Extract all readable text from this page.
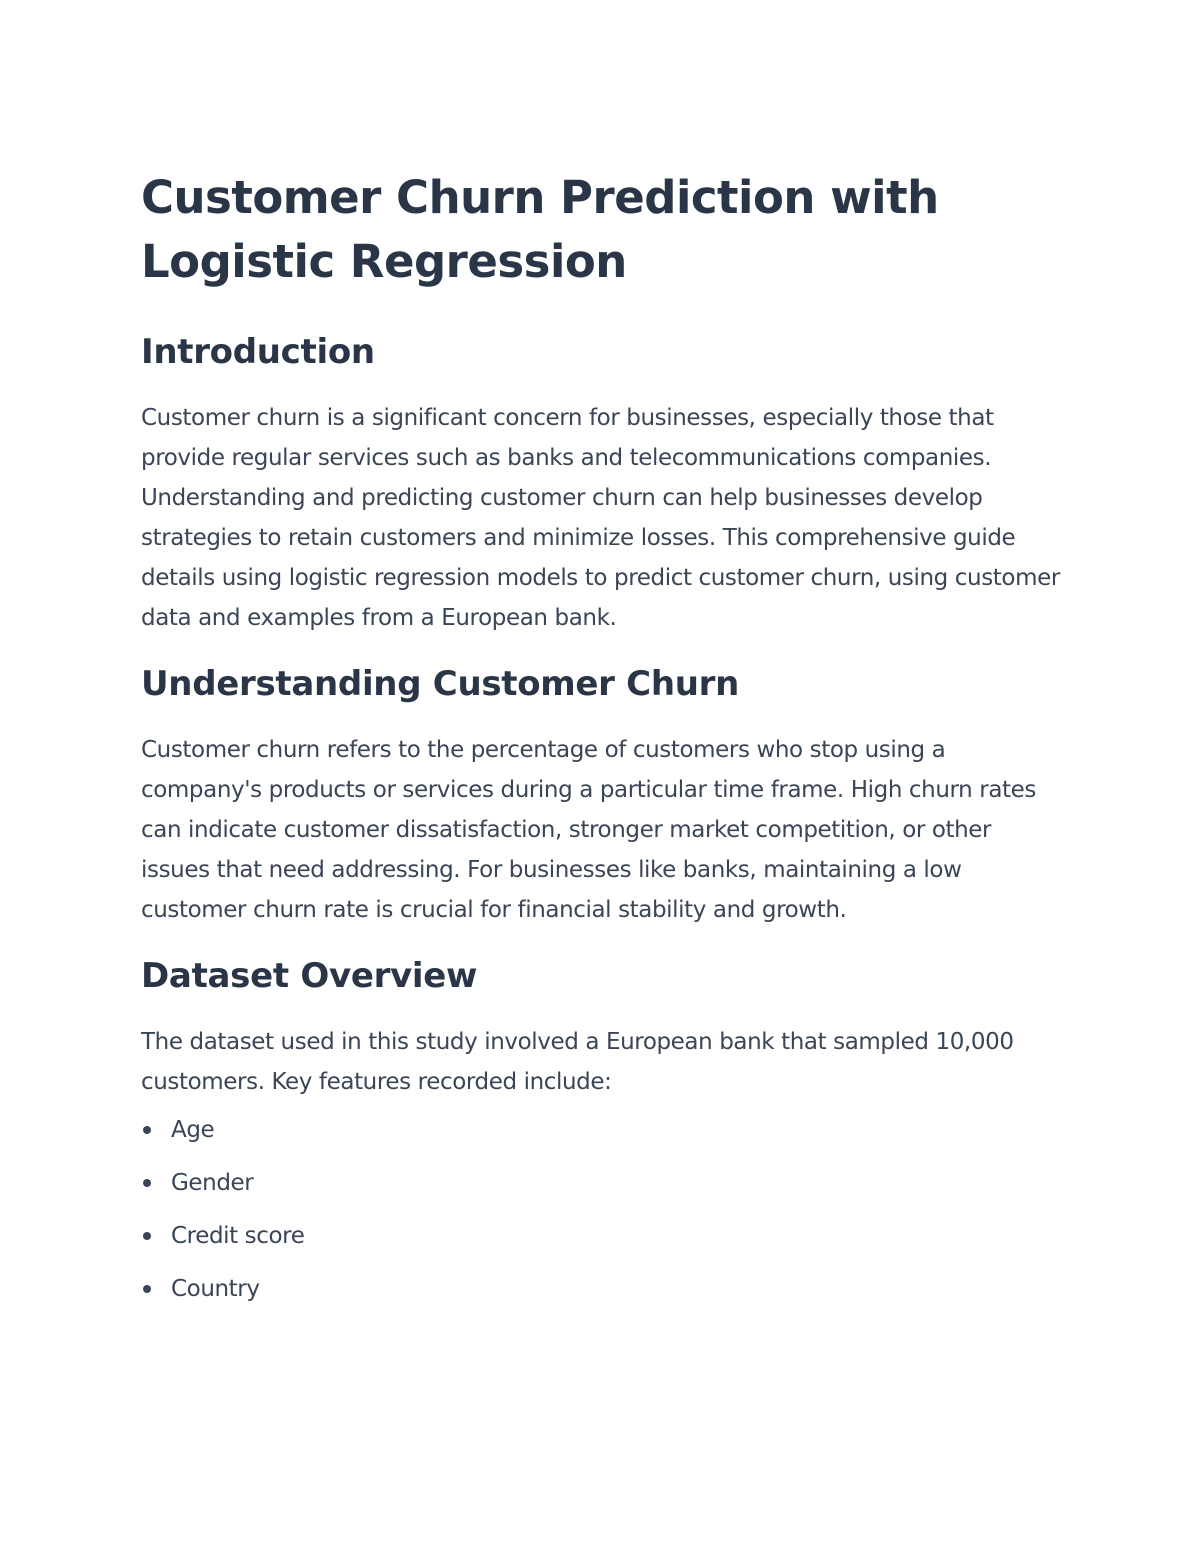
Customer Churn Prediction with Logistic Regression
Introduction

Customer churn is a significant concern for businesses, especially those that provide regular services such as banks and telecommunications companies. Understanding and predicting customer churn can help businesses develop strategies to retain customers and minimize losses. This comprehensive guide details using logistic regression models to predict customer churn, using customer data and examples from a European bank.

Understanding Customer Churn

Customer churn refers to the percentage of customers who stop using a company's products or services during a particular time frame. High churn rates can indicate customer dissatisfaction, stronger market competition, or other issues that need addressing. For businesses like banks, maintaining a low customer churn rate is crucial for financial stability and growth.

Dataset Overview

The dataset used in this study involved a European bank that sampled 10,000 customers. Key features recorded include:

Age
Gender
Credit score
Country
